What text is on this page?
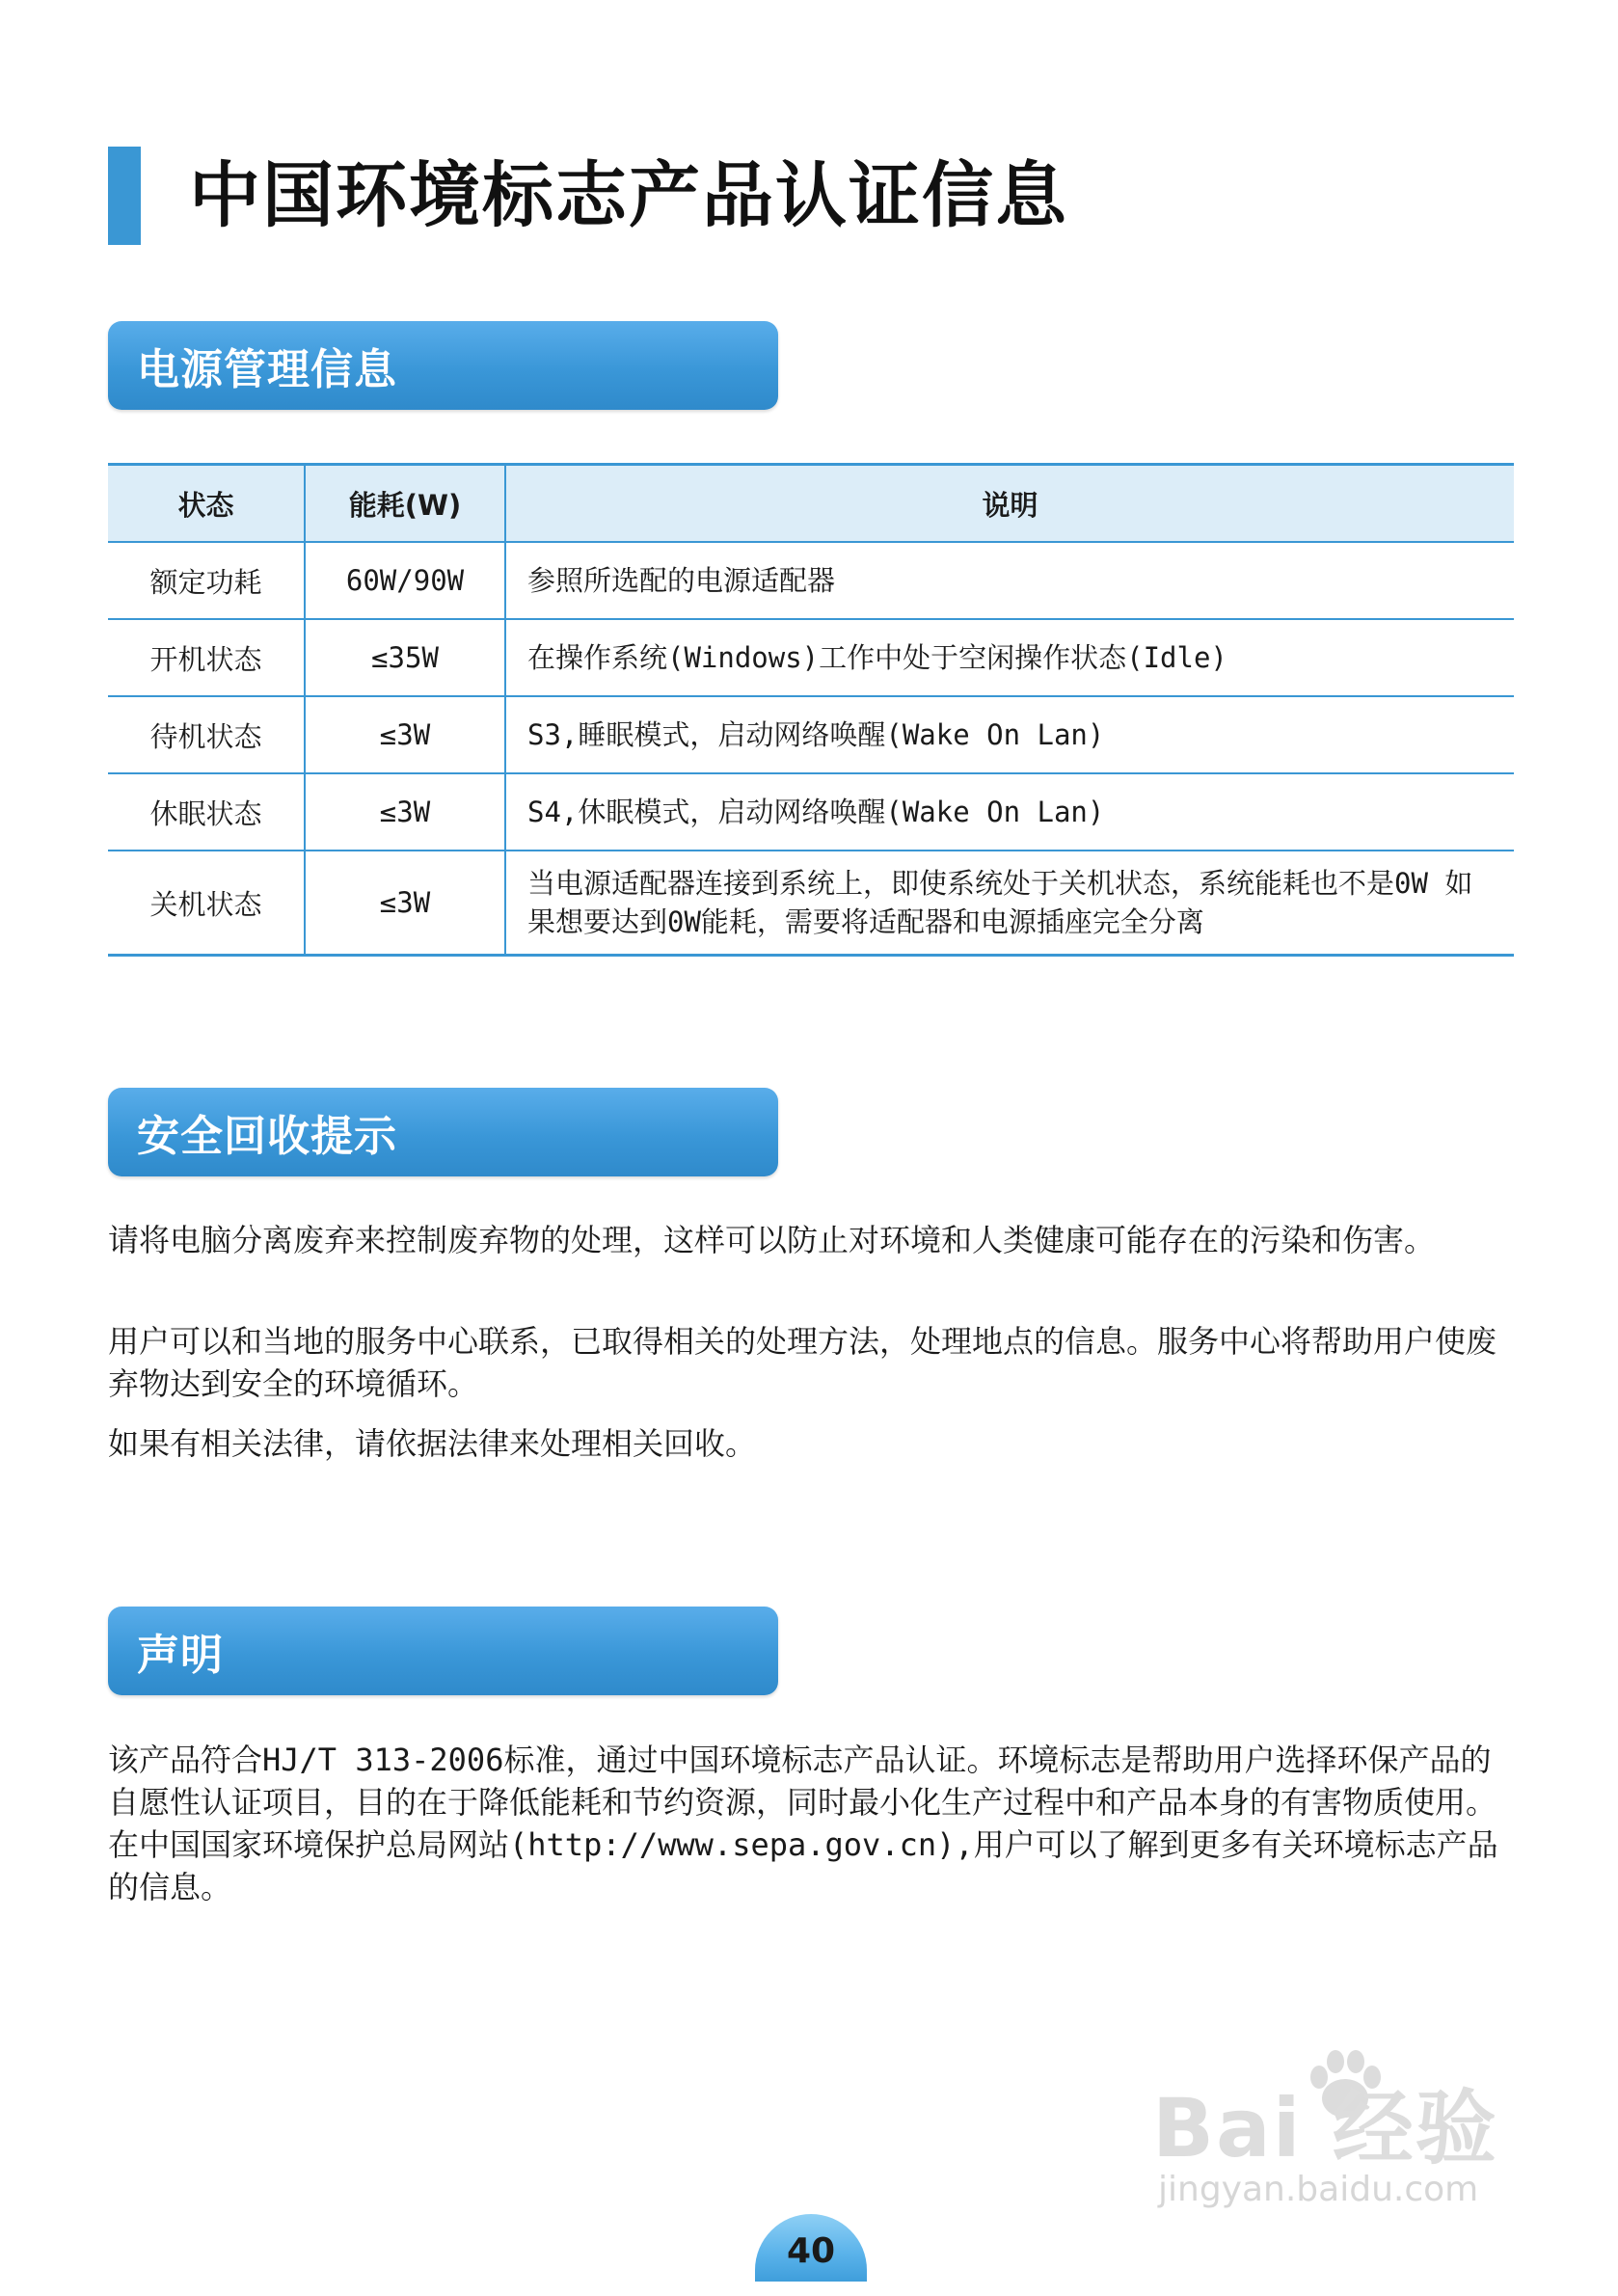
中国环境标志产品认证信息
电源管理信息
状态	能耗(W)	说明
额定功耗	60W/90W	参照所选配的电源适配器
开机状态	≤35W	在操作系统(Windows)工作中处于空闲操作状态(Idle)
待机状态	≤3W	S3,睡眠模式，启动网络唤醒(Wake On Lan)
休眠状态	≤3W	S4,休眠模式，启动网络唤醒(Wake On Lan)
关机状态	≤3W	当电源适配器连接到系统上，即使系统处于关机状态，系统能耗也不是0W 如果想要达到0W能耗，需要将适配器和电源插座完全分离
安全回收提示

请将电脑分离废弃来控制废弃物的处理，这样可以防止对环境和人类健康可能存在的污染和伤害。

用户可以和当地的服务中心联系，已取得相关的处理方法，处理地点的信息。服务中心将帮助用户使废弃物达到安全的环境循环。

如果有相关法律，请依据法律来处理相关回收。

声明

该产品符合HJ/T 313-2006标准，通过中国环境标志产品认证。环境标志是帮助用户选择环保产品的自愿性认证项目，目的在于降低能耗和节约资源，同时最小化生产过程中和产品本身的有害物质使用。在中国国家环境保护总局网站(http://www.sepa.gov.cn),用户可以了解到更多有关环境标志产品的信息。

Bai 经验
jingyan.baidu.com
40
